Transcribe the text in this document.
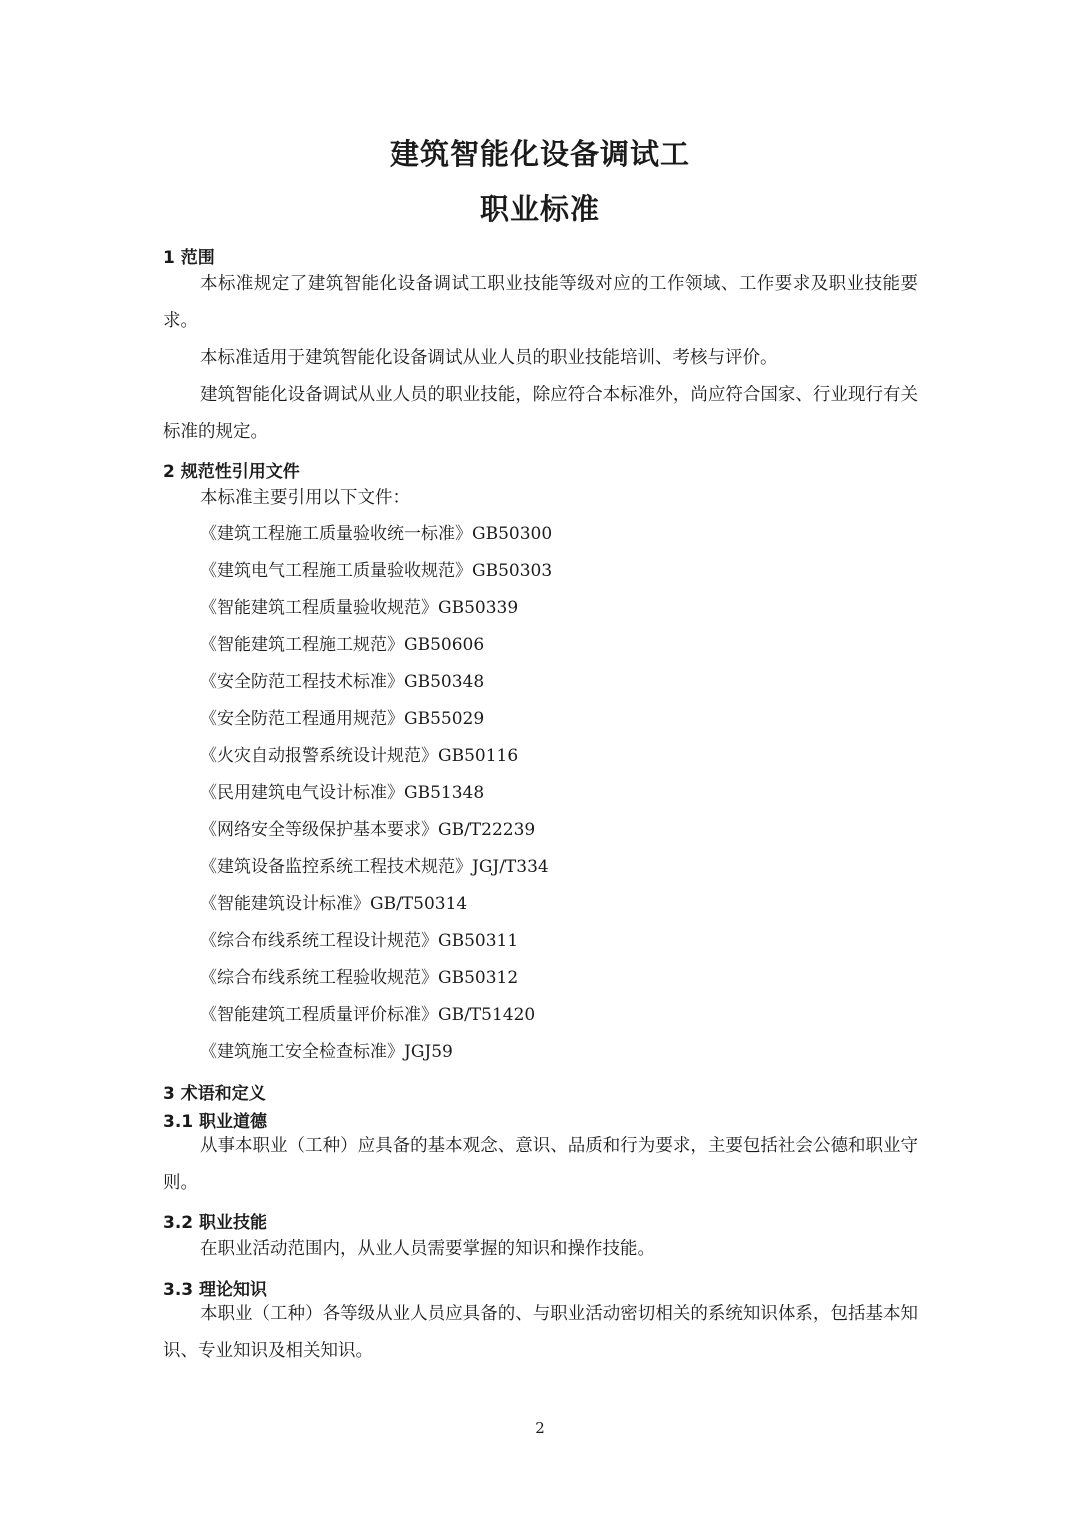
建筑智能化设备调试工
职业标准
1 范围

本标准规定了建筑智能化设备调试工职业技能等级对应的工作领域、工作要求及职业技能要求。

本标准适用于建筑智能化设备调试从业人员的职业技能培训、考核与评价。

建筑智能化设备调试从业人员的职业技能，除应符合本标准外，尚应符合国家、行业现行有关标准的规定。

2 规范性引用文件

本标准主要引用以下文件：

《建筑工程施工质量验收统一标准》GB50300
《建筑电气工程施工质量验收规范》GB50303
《智能建筑工程质量验收规范》GB50339
《智能建筑工程施工规范》GB50606
《安全防范工程技术标准》GB50348
《安全防范工程通用规范》GB55029
《火灾自动报警系统设计规范》GB50116
《民用建筑电气设计标准》GB51348
《网络安全等级保护基本要求》GB/T22239
《建筑设备监控系统工程技术规范》JGJ/T334
《智能建筑设计标准》GB/T50314
《综合布线系统工程设计规范》GB50311
《综合布线系统工程验收规范》GB50312
《智能建筑工程质量评价标准》GB/T51420
《建筑施工安全检查标准》JGJ59
3 术语和定义
3.1 职业道德

从事本职业（工种）应具备的基本观念、意识、品质和行为要求，主要包括社会公德和职业守则。

3.2 职业技能

在职业活动范围内，从业人员需要掌握的知识和操作技能。

3.3 理论知识

本职业（工种）各等级从业人员应具备的、与职业活动密切相关的系统知识体系，包括基本知识、专业知识及相关知识。

2
